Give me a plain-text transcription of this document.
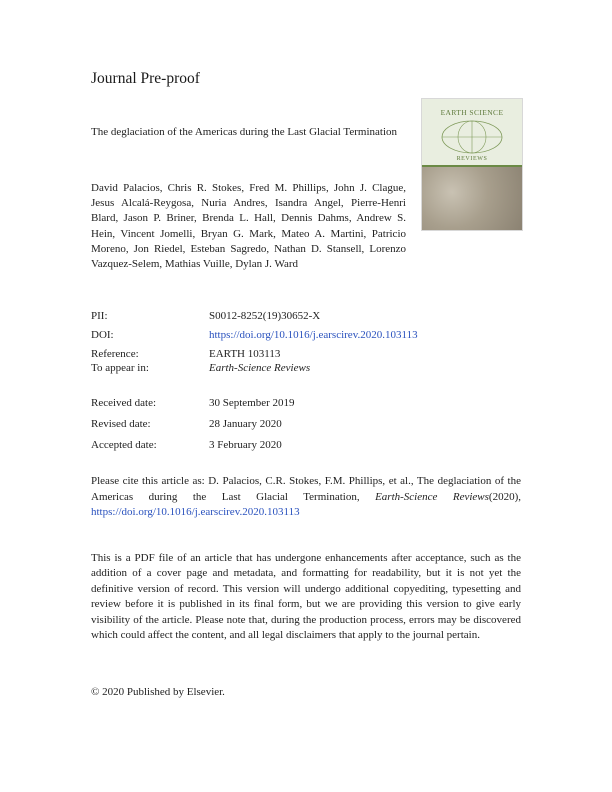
Journal Pre-proof
The deglaciation of the Americas during the Last Glacial Termination
David Palacios, Chris R. Stokes, Fred M. Phillips, John J. Clague, Jesus Alcalá-Reygosa, Nuria Andres, Isandra Angel, Pierre-Henri Blard, Jason P. Briner, Brenda L. Hall, Dennis Dahms, Andrew S. Hein, Vincent Jomelli, Bryan G. Mark, Mateo A. Martini, Patricio Moreno, Jon Riedel, Esteban Sagredo, Nathan D. Stansell, Lorenzo Vazquez-Selem, Mathias Vuille, Dylan J. Ward
EARTH SCIENCE
REVIEWS
PII:	S0012-8252(19)30652-X
DOI:	https://doi.org/10.1016/j.earscirev.2020.103113
Reference:	EARTH 103113
To appear in:	Earth-Science Reviews
Received date:	30 September 2019
Revised date:	28 January 2020
Accepted date:	3 February 2020
Please cite this article as: D. Palacios, C.R. Stokes, F.M. Phillips, et al., The deglaciation of the Americas during the Last Glacial Termination, Earth-Science Reviews(2020), https://doi.org/10.1016/j.earscirev.2020.103113
This is a PDF file of an article that has undergone enhancements after acceptance, such as the addition of a cover page and metadata, and formatting for readability, but it is not yet the definitive version of record. This version will undergo additional copyediting, typesetting and review before it is published in its final form, but we are providing this version to give early visibility of the article. Please note that, during the production process, errors may be discovered which could affect the content, and all legal disclaimers that apply to the journal pertain.
© 2020 Published by Elsevier.
